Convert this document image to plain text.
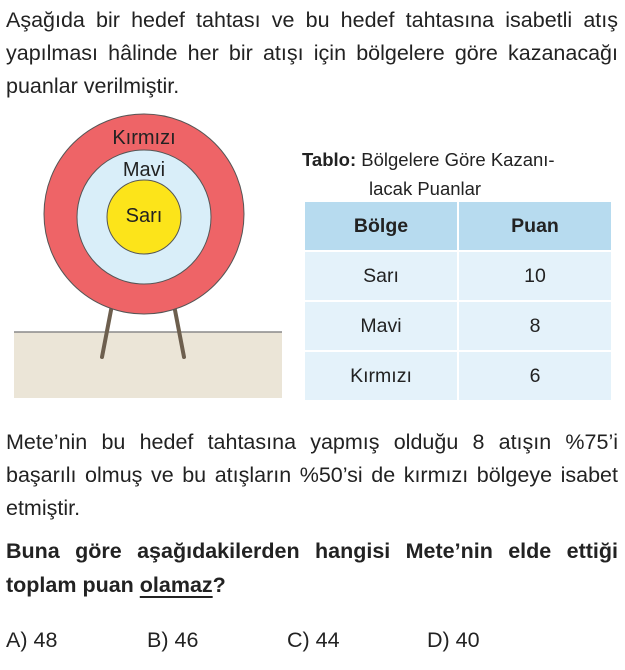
Aşağıda bir hedef tahtası ve bu hedef tahtasına isabetli atış yapılması hâlinde her bir atışı için bölgelere göre kazanacağı puanlar verilmiştir.

Kırmızı
Mavi
Sarı
Tablo: Bölgelere Göre Kazanı-
lacak Puanlar
Bölge	Puan
Sarı	10
Mavi	8
Kırmızı	6

Mete’nin bu hedef tahtasına yapmış olduğu 8 atışın %75’i başarılı olmuş ve bu atışların %50’si de kırmızı bölgeye isabet etmiştir.

Buna göre aşağıdakilerden hangisi Mete’nin elde ettiği toplam puan olamaz?

A) 48	B) 46	C) 44	D) 40
